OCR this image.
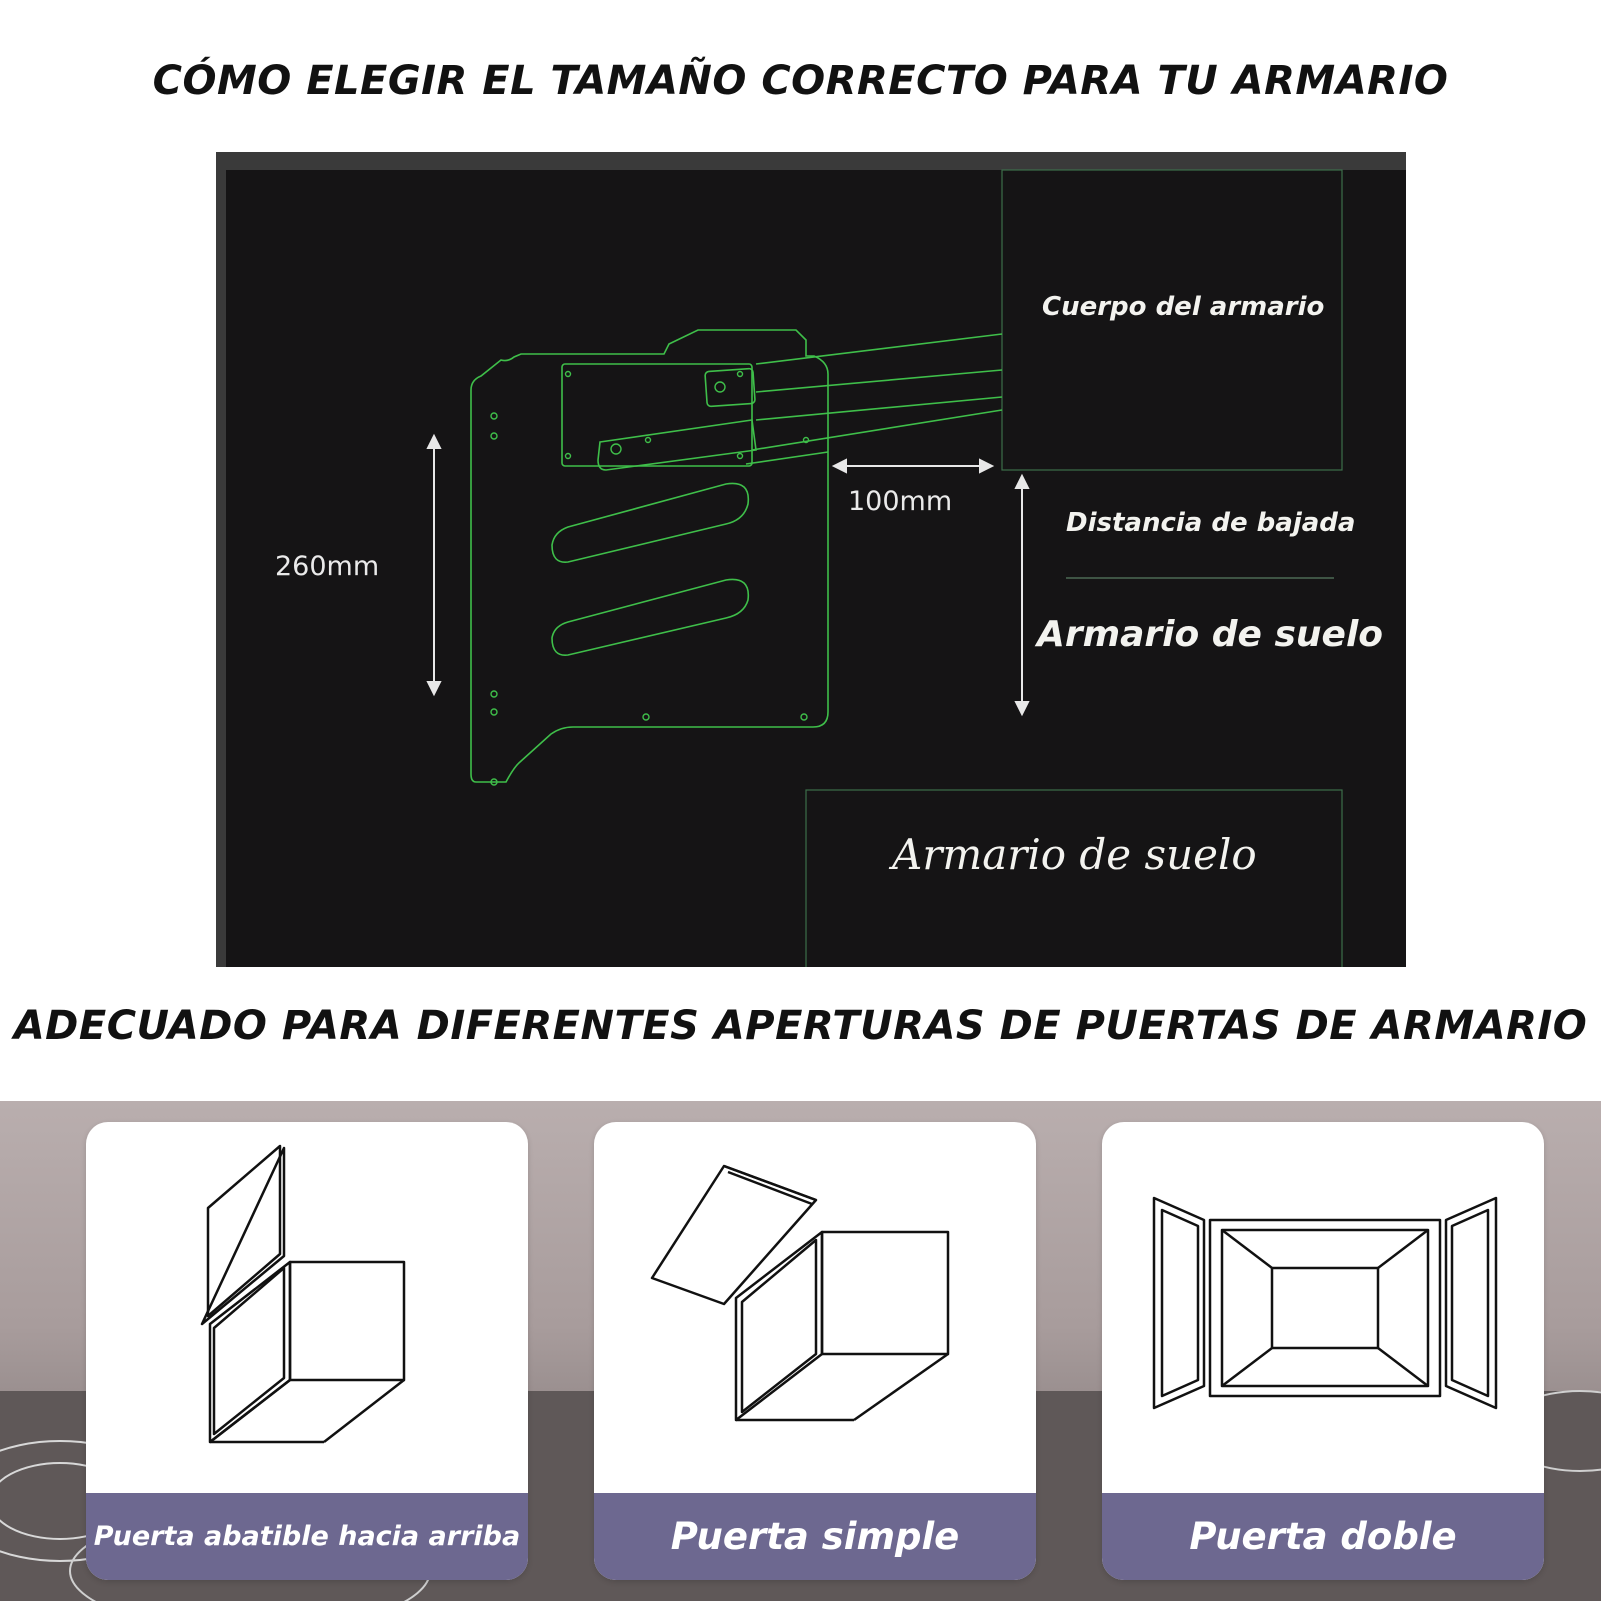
CÓMO ELEGIR EL TAMAÑO CORRECTO PARA TU ARMARIO
ADECUADO PARA DIFERENTES APERTURAS DE PUERTAS DE ARMARIO
Cuerpo del armario
Distancia de bajada
Armario de suelo
Armario de suelo
100mm
260mm
Puerta abatible hacia arriba	Puerta simple	Puerta doble
